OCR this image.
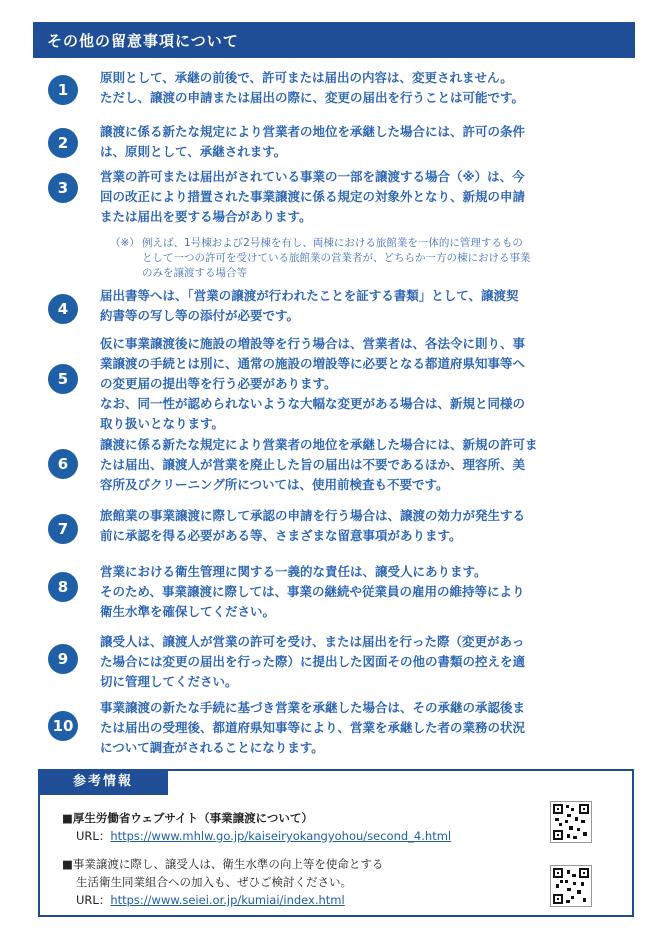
その他の留意事項について
1
原則として、承継の前後で、許可または届出の内容は、変更されません。
ただし、譲渡の申請または届出の際に、変更の届出を行うことは可能です。
2
譲渡に係る新たな規定により営業者の地位を承継した場合には、許可の条件
は、原則として、承継されます。
3
営業の許可または届出がされている事業の一部を譲渡する場合（※）は、今
回の改正により措置された事業譲渡に係る規定の対象外となり、新規の申請
または届出を要する場合があります。
（※） 例えば、1号棟および2号棟を有し、両棟における旅館業を一体的に管理するもの
として一つの許可を受けている旅館業の営業者が、どちらか一方の棟における事業
のみを譲渡する場合等
4
届出書等へは、「営業の譲渡が行われたことを証する書類」として、譲渡契
約書等の写し等の添付が必要です。
5
仮に事業譲渡後に施設の増設等を行う場合は、営業者は、各法令に則り、事
業譲渡の手続とは別に、通常の施設の増設等に必要となる都道府県知事等へ
の変更届の提出等を行う必要があります。
なお、同一性が認められないような大幅な変更がある場合は、新規と同様の
取り扱いとなります。
6
譲渡に係る新たな規定により営業者の地位を承継した場合には、新規の許可ま
たは届出、譲渡人が営業を廃止した旨の届出は不要であるほか、理容所、美
容所及びクリーニング所については、使用前検査も不要です。
7
旅館業の事業譲渡に際して承認の申請を行う場合は、譲渡の効力が発生する
前に承認を得る必要がある等、さまざまな留意事項があります。
8
営業における衛生管理に関する一義的な責任は、譲受人にあります。
そのため、事業譲渡に際しては、事業の継続や従業員の雇用の維持等により
衛生水準を確保してください。
9
譲受人は、譲渡人が営業の許可を受け、または届出を行った際（変更があっ
た場合には変更の届出を行った際）に提出した図面その他の書類の控えを適
切に管理してください。
10
事業譲渡の新たな手続に基づき営業を承継した場合は、その承継の承認後ま
たは届出の受理後、都道府県知事等により、営業を承継した者の業務の状況
について調査がされることになります。
参考情報
■厚生労働省ウェブサイト（事業譲渡について）
URL：https://www.mhlw.go.jp/kaiseiryokangyohou/second_4.html
■事業譲渡に際し、譲受人は、衛生水準の向上等を使命とする
生活衛生同業組合への加入も、ぜひご検討ください。
URL：https://www.seiei.or.jp/kumiai/index.html
